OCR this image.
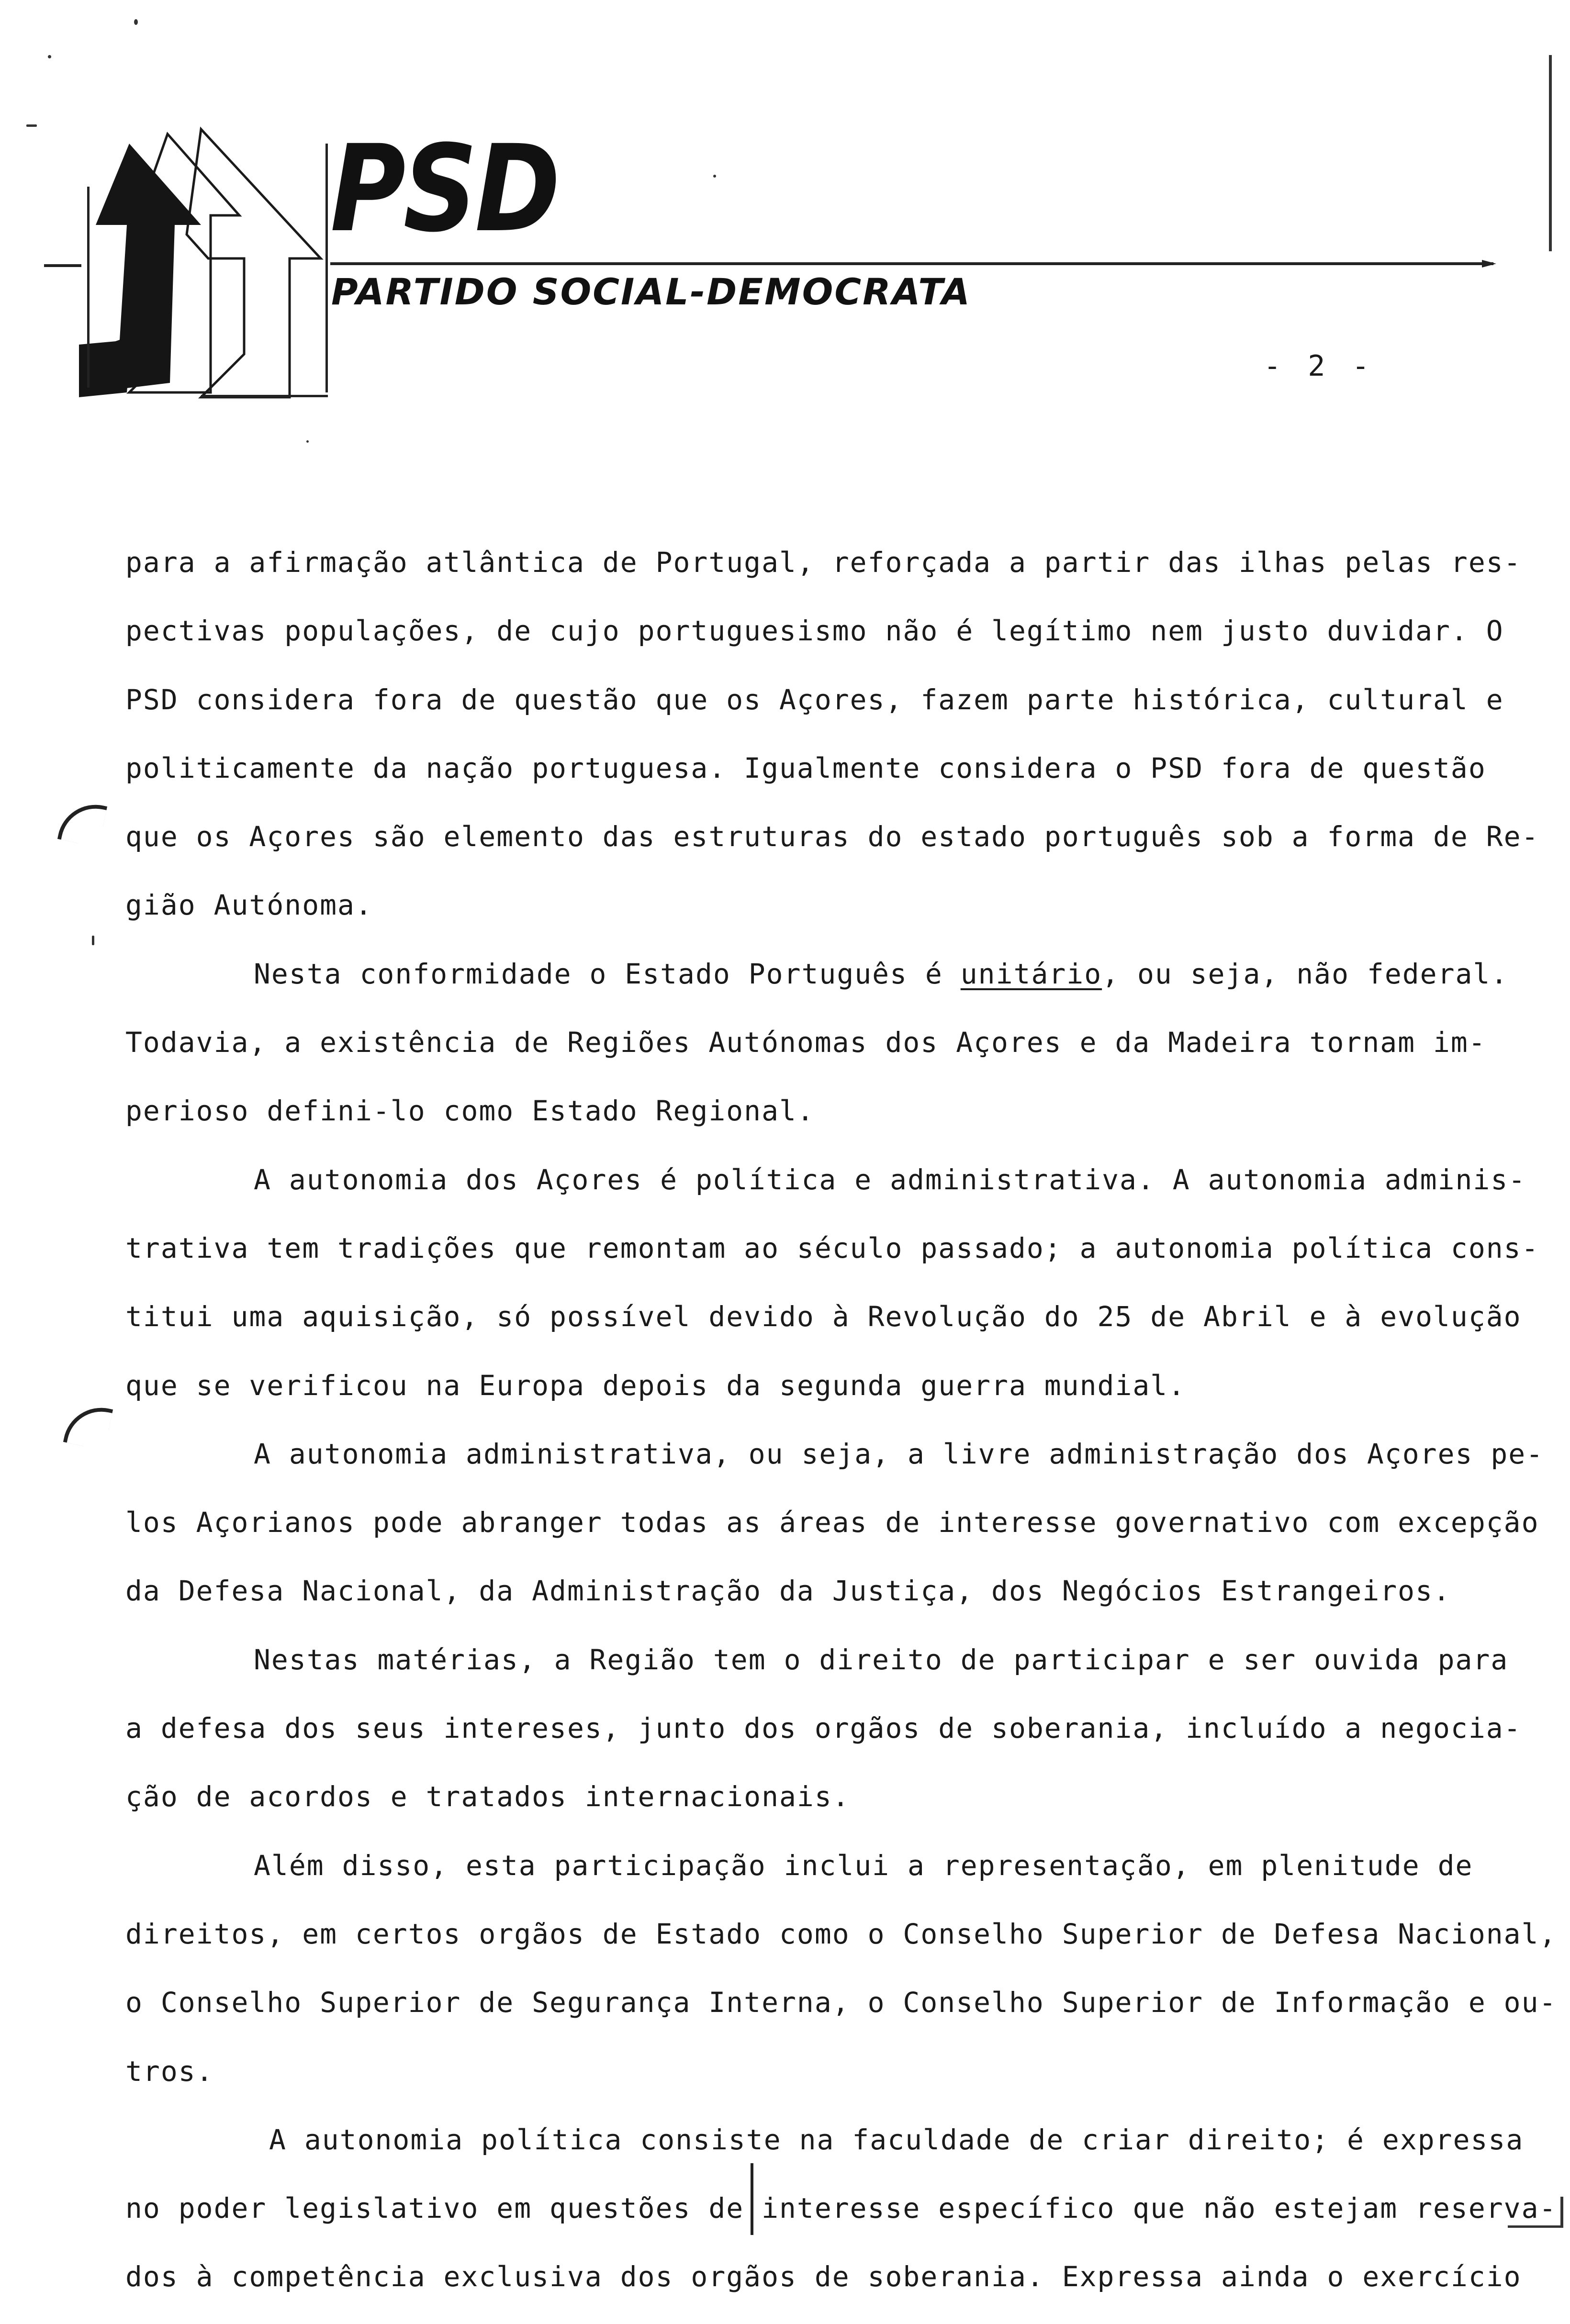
PSD
PARTIDO SOCIAL-DEMOCRATA
- 2 -
para a afirmação atlântica de Portugal, reforçada a partir das ilhas pelas res-
pectivas populações, de cujo portuguesismo não é legítimo nem justo duvidar. O
PSD considera fora de questão que os Açores, fazem parte histórica, cultural e
politicamente da nação portuguesa. Igualmente considera o PSD fora de questão
que os Açores são elemento das estruturas do estado português sob a forma de Re-
gião Autónoma.
Nesta conformidade o Estado Português é unitário, ou seja, não federal.
Todavia, a existência de Regiões Autónomas dos Açores e da Madeira tornam im-
perioso defini-lo como Estado Regional.
A autonomia dos Açores é política e administrativa. A autonomia adminis-
trativa tem tradições que remontam ao século passado; a autonomia política cons-
titui uma aquisição, só possível devido à Revolução do 25 de Abril e à evolução
que se verificou na Europa depois da segunda guerra mundial.
A autonomia administrativa, ou seja, a livre administração dos Açores pe-
los Açorianos pode abranger todas as áreas de interesse governativo com excepção
da Defesa Nacional, da Administração da Justiça, dos Negócios Estrangeiros.
Nestas matérias, a Região tem o direito de participar e ser ouvida para
a defesa dos seus intereses, junto dos orgãos de soberania, incluído a negocia-
ção de acordos e tratados internacionais.
Além disso, esta participação inclui a representação, em plenitude de
direitos, em certos orgãos de Estado como o Conselho Superior de Defesa Nacional,
o Conselho Superior de Segurança Interna, o Conselho Superior de Informação e ou-
tros.
A autonomia política consiste na faculdade de criar direito; é expressa
no poder legislativo em questões de interesse específico que não estejam reserva-
dos à competência exclusiva dos orgãos de soberania. Expressa ainda o exercício
